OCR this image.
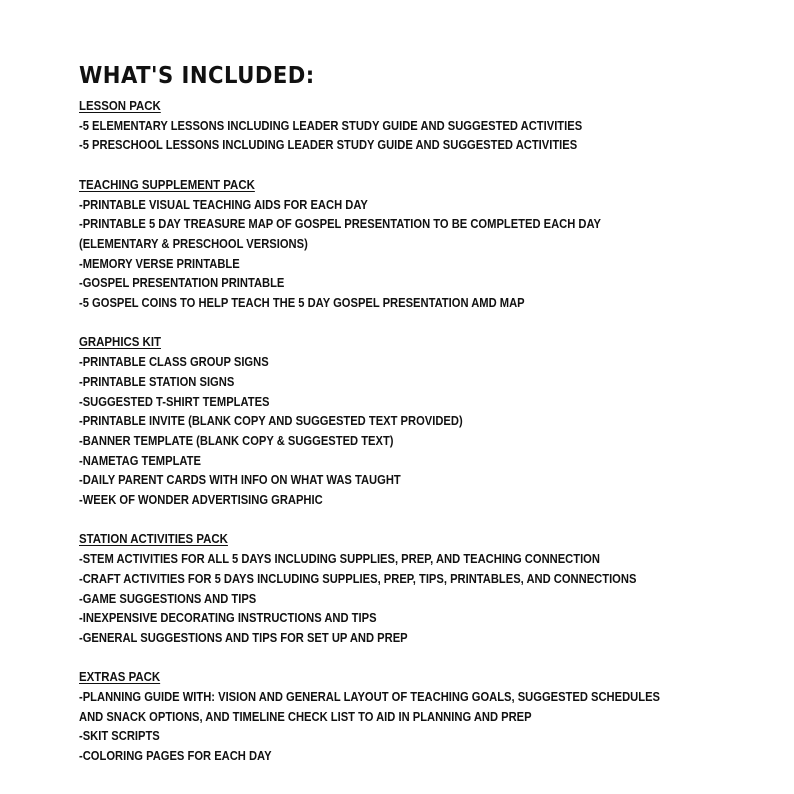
WHAT'S INCLUDED:
LESSON PACK
-5 ELEMENTARY LESSONS INCLUDING LEADER STUDY GUIDE AND SUGGESTED ACTIVITIES
-5 PRESCHOOL LESSONS INCLUDING LEADER STUDY GUIDE AND SUGGESTED ACTIVITIES
TEACHING SUPPLEMENT PACK
-PRINTABLE VISUAL TEACHING AIDS FOR EACH DAY
-PRINTABLE 5 DAY TREASURE MAP OF GOSPEL PRESENTATION TO BE COMPLETED EACH DAY
(ELEMENTARY & PRESCHOOL VERSIONS)
-MEMORY VERSE PRINTABLE
-GOSPEL PRESENTATION PRINTABLE
-5 GOSPEL COINS TO HELP TEACH THE 5 DAY GOSPEL PRESENTATION AMD MAP
GRAPHICS KIT
-PRINTABLE CLASS GROUP SIGNS
-PRINTABLE STATION SIGNS
-SUGGESTED T-SHIRT TEMPLATES
-PRINTABLE INVITE (BLANK COPY AND SUGGESTED TEXT PROVIDED)
-BANNER TEMPLATE (BLANK COPY & SUGGESTED TEXT)
-NAMETAG TEMPLATE
-DAILY PARENT CARDS WITH INFO ON WHAT WAS TAUGHT
-WEEK OF WONDER ADVERTISING GRAPHIC
STATION ACTIVITIES PACK
-STEM ACTIVITIES FOR ALL 5 DAYS INCLUDING SUPPLIES, PREP, AND TEACHING CONNECTION
-CRAFT ACTIVITIES FOR 5 DAYS INCLUDING SUPPLIES, PREP, TIPS, PRINTABLES, AND CONNECTIONS
-GAME SUGGESTIONS AND TIPS
-INEXPENSIVE DECORATING INSTRUCTIONS AND TIPS
-GENERAL SUGGESTIONS AND TIPS FOR SET UP AND PREP
EXTRAS PACK
-PLANNING GUIDE WITH: VISION AND GENERAL LAYOUT OF TEACHING GOALS, SUGGESTED SCHEDULES
AND SNACK OPTIONS, AND TIMELINE CHECK LIST TO AID IN PLANNING AND PREP
-SKIT SCRIPTS
-COLORING PAGES FOR EACH DAY
